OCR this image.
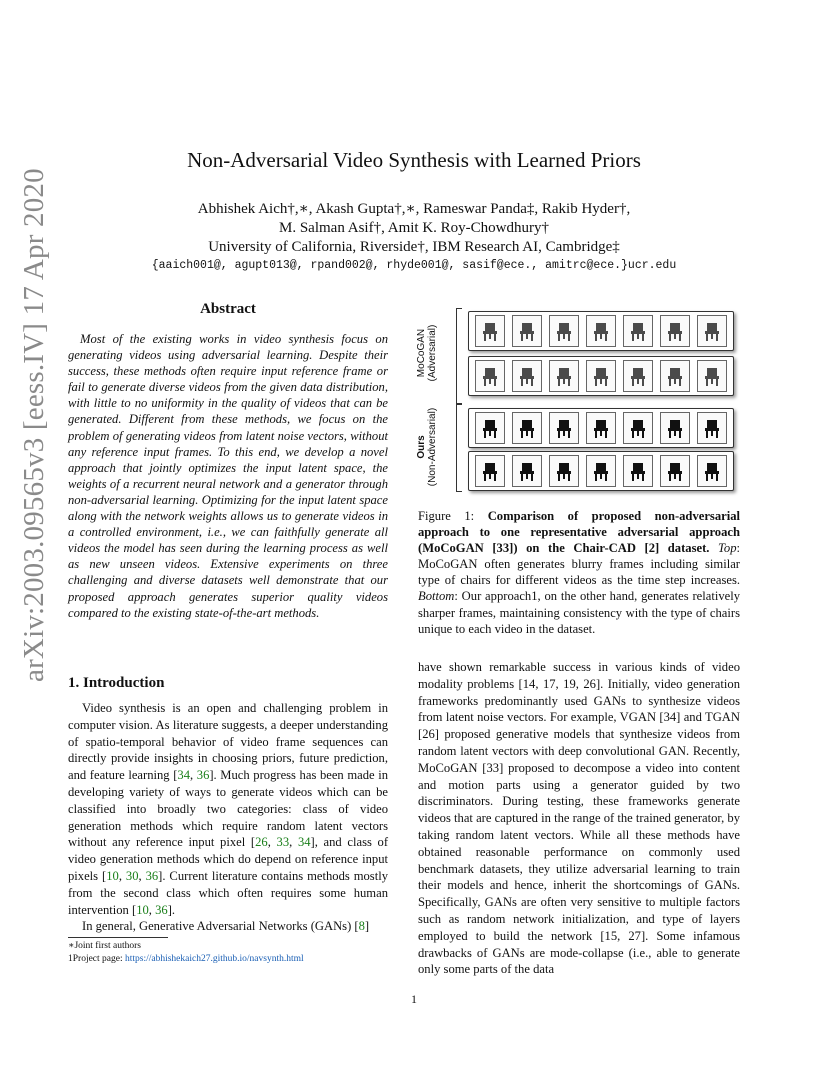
Non-Adversarial Video Synthesis with Learned Priors
Abhishek Aich†,∗, Akash Gupta†,∗, Rameswar Panda‡, Rakib Hyder†,
M. Salman Asif†, Amit K. Roy-Chowdhury†
University of California, Riverside†, IBM Research AI, Cambridge‡
{aaich001@, agupt013@, rpand002@, rhyde001@, sasif@ece., amitrc@ece.}ucr.edu
arXiv:2003.09565v3 [eess.IV] 17 Apr 2020	Abstract
Most of the existing works in video synthesis focus on generating videos using adversarial learning. Despite their success, these methods often require input reference frame or fail to generate diverse videos from the given data distribution, with little to no uniformity in the quality of videos that can be generated. Different from these methods, we focus on the problem of generating videos from latent noise vectors, without any reference input frames. To this end, we develop a novel approach that jointly optimizes the input latent space, the weights of a recurrent neural network and a generator through non-adversarial learning. Optimizing for the input latent space along with the network weights allows us to generate videos in a controlled environment, i.e., we can faithfully generate all videos the model has seen during the learning process as well as new unseen videos. Extensive experiments on three challenging and diverse datasets well demonstrate that our proposed approach generates superior quality videos compared to the existing state-of-the-art methods.
1. Introduction

Video synthesis is an open and challenging problem in computer vision. As literature suggests, a deeper understanding of spatio-temporal behavior of video frame sequences can directly provide insights in choosing priors, future prediction, and feature learning [34, 36]. Much progress has been made in developing variety of ways to generate videos which can be classified into broadly two categories: class of video generation methods which require random latent vectors without any reference input pixel [26, 33, 34], and class of video generation methods which do depend on reference input pixels [10, 30, 36]. Current literature contains methods mostly from the second class which often requires some human intervention [10, 36].

In general, Generative Adversarial Networks (GANs) [8]

∗Joint first authors
1Project page: https://abhishekaich27.github.io/navsynth.html
MoCoGAN (Adversarial)
Ours (Non-Adversarial)
Figure 1: Comparison of proposed non-adversarial approach to one representative adversarial approach (MoCoGAN [33]) on the Chair-CAD [2] dataset. Top: MoCoGAN often generates blurry frames including similar type of chairs for different videos as the time step increases. Bottom: Our approach1, on the other hand, generates relatively sharper frames, maintaining consistency with the type of chairs unique to each video in the dataset.
have shown remarkable success in various kinds of video modality problems [14, 17, 19, 26]. Initially, video generation frameworks predominantly used GANs to synthesize videos from latent noise vectors. For example, VGAN [34] and TGAN [26] proposed generative models that synthesize videos from random latent vectors with deep convolutional GAN. Recently, MoCoGAN [33] proposed to decompose a video into content and motion parts using a generator guided by two discriminators. During testing, these frameworks generate videos that are captured in the range of the trained generator, by taking random latent vectors. While all these methods have obtained reasonable performance on commonly used benchmark datasets, they utilize adversarial learning to train their models and hence, inherit the shortcomings of GANs. Specifically, GANs are often very sensitive to multiple factors such as random network initialization, and type of layers employed to build the network [15, 27]. Some infamous drawbacks of GANs are mode-collapse (i.e., able to generate only some parts of the data
1
